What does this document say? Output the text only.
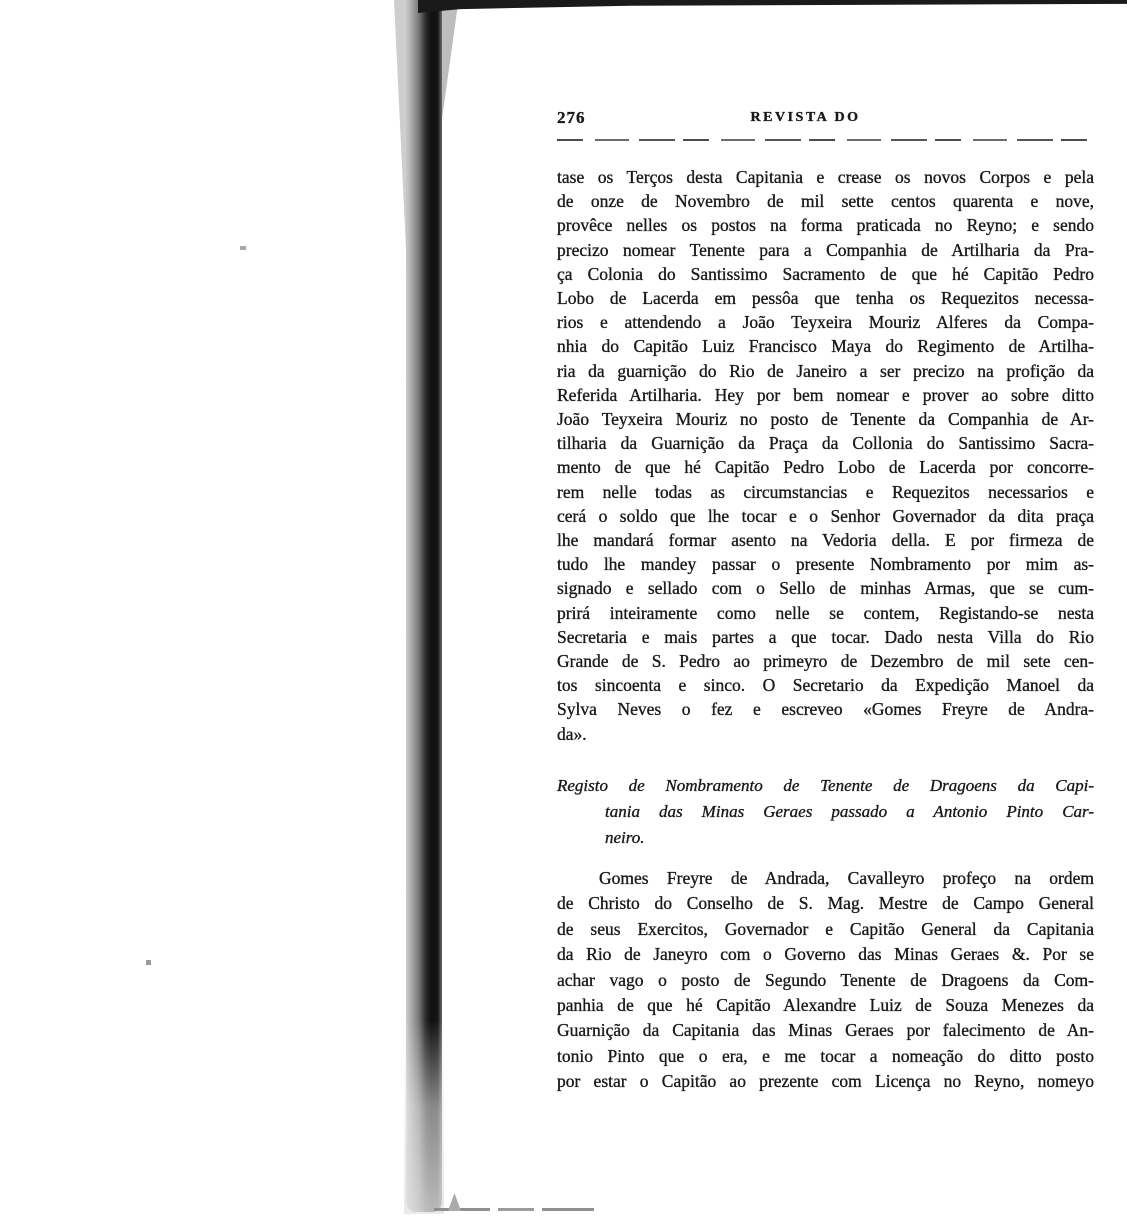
276	REVISTA DO
tase os Terços desta Capitania e crease os novos Corpos e pela
de onze de Novembro de mil sette centos quarenta e nove,
provêce nelles os postos na forma praticada no Reyno; e sendo
precizo nomear Tenente para a Companhia de Artilharia da Pra-
ça Colonia do Santissimo Sacramento de que hé Capitão Pedro
Lobo de Lacerda em pessôa que tenha os Requezitos necessa-
rios e attendendo a João Teyxeira Mouriz Alferes da Compa-
nhia do Capitão Luiz Francisco Maya do Regimento de Artilha-
ria da guarnição do Rio de Janeiro a ser precizo na profição da
Referida Artilharia. Hey por bem nomear e prover ao sobre ditto
João Teyxeira Mouriz no posto de Tenente da Companhia de Ar-
tilharia da Guarnição da Praça da Collonia do Santissimo Sacra-
mento de que hé Capitão Pedro Lobo de Lacerda por concorre-
rem nelle todas as circumstancias e Requezitos necessarios e
cerá o soldo que lhe tocar e o Senhor Governador da dita praça
lhe mandará formar asento na Vedoria della. E por firmeza de
tudo lhe mandey passar o presente Nombramento por mim as-
signado e sellado com o Sello de minhas Armas, que se cum-
prirá inteiramente como nelle se contem, Registando-se nesta
Secretaria e mais partes a que tocar. Dado nesta Villa do Rio
Grande de S. Pedro ao primeyro de Dezembro de mil sete cen-
tos sincoenta e sinco. O Secretario da Expedição Manoel da
Sylva Neves o fez e escreveo «Gomes Freyre de Andra-
da».
Registo de Nombramento de Tenente de Dragoens da Capi-
tania das Minas Geraes passado a Antonio Pinto Car-
neiro.
Gomes Freyre de Andrada, Cavalleyro profeço na ordem
de Christo do Conselho de S. Mag. Mestre de Campo General
de seus Exercitos, Governador e Capitão General da Capitania
da Rio de Janeyro com o Governo das Minas Geraes &. Por se
achar vago o posto de Segundo Tenente de Dragoens da Com-
panhia de que hé Capitão Alexandre Luiz de Souza Menezes da
Guarnição da Capitania das Minas Geraes por falecimento de An-
tonio Pinto que o era, e me tocar a nomeação do ditto posto
por estar o Capitão ao prezente com Licença no Reyno, nomeyo
